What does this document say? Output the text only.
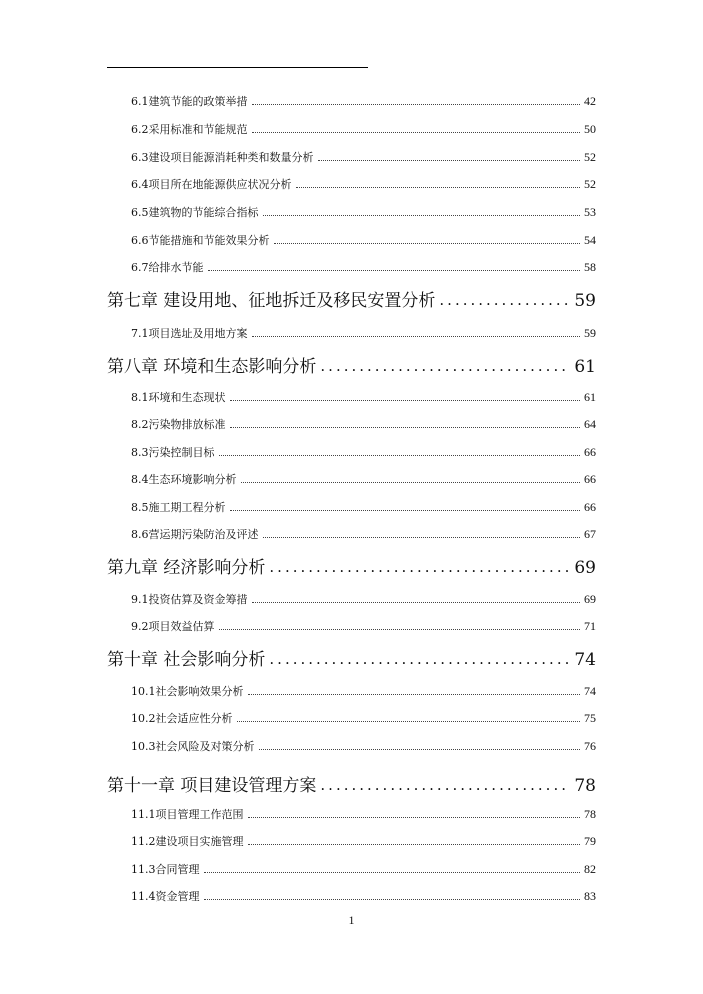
6.1建筑节能的政策举措	42
6.2采用标准和节能规范	50
6.3建设项目能源消耗种类和数量分析	52
6.4项目所在地能源供应状况分析	52
6.5建筑物的节能综合指标	53
6.6节能措施和节能效果分析	54
6.7给排水节能	58
第七章 建设用地、征地拆迁及移民安置分析 .....	59
7.1项目选址及用地方案	59
第八章 环境和生态影响分析 .....	61
8.1环境和生态现状	61
8.2污染物排放标准	64
8.3污染控制目标	66
8.4生态环境影响分析	66
8.5施工期工程分析	66
8.6营运期污染防治及评述	67
第九章 经济影响分析 .....	69
9.1投资估算及资金筹措	69
9.2项目效益估算	71
第十章 社会影响分析 .....	74
10.1社会影响效果分析	74
10.2社会适应性分析	75
10.3社会风险及对策分析	76
第十一章 项目建设管理方案 .....	78
11.1项目管理工作范围	78
11.2建设项目实施管理	79
11.3合同管理	82
11.4资金管理	83
1
